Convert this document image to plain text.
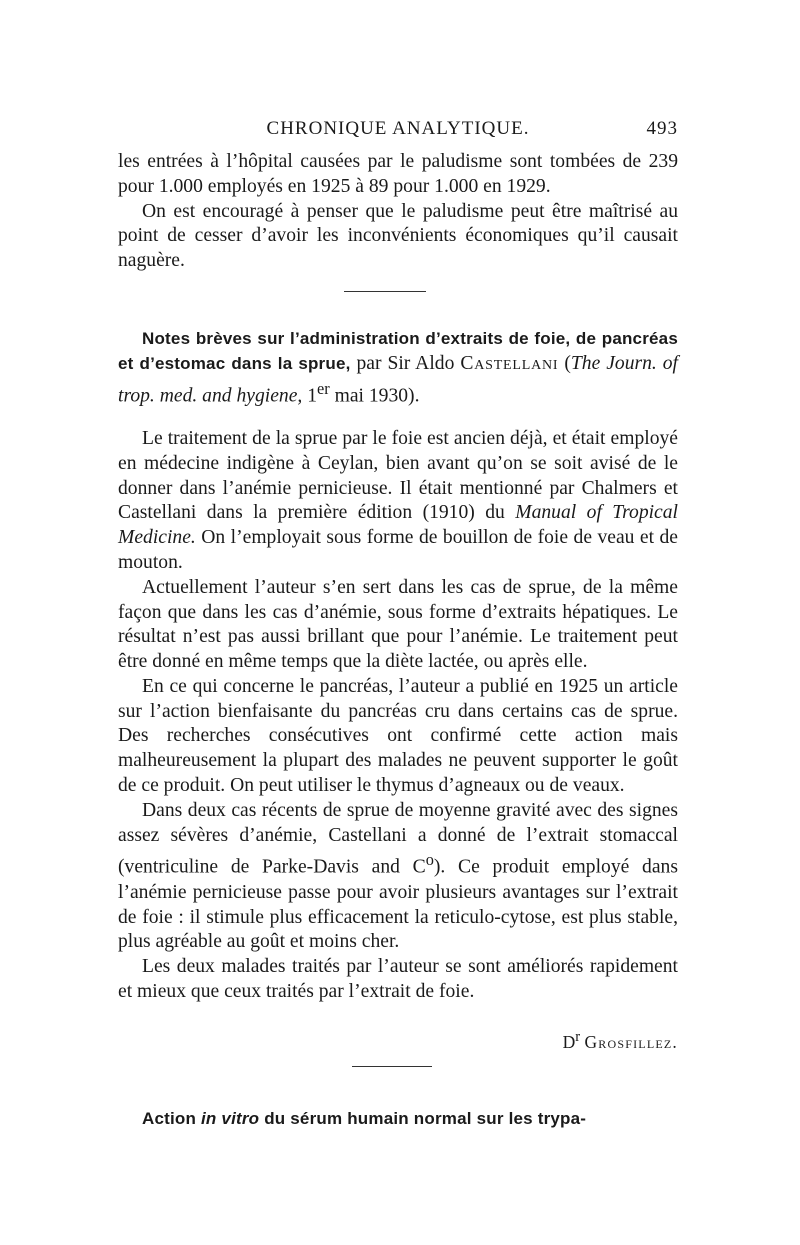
CHRONIQUE ANALYTIQUE.	493

les entrées à l’hôpital causées par le paludisme sont tombées de 239 pour 1.000 employés en 1925 à 89 pour 1.000 en 1929.

On est encouragé à penser que le paludisme peut être maîtrisé au point de cesser d’avoir les inconvénients économiques qu’il causait naguère.

Notes brèves sur l’administration d’extraits de foie, de pancréas et d’estomac dans la sprue, par Sir Aldo Castellani (The Journ. of trop. med. and hygiene, 1er mai 1930).

Le traitement de la sprue par le foie est ancien déjà, et était employé en médecine indigène à Ceylan, bien avant qu’on se soit avisé de le donner dans l’anémie pernicieuse. Il était mentionné par Chalmers et Castellani dans la première édition (1910) du Manual of Tropical Medicine. On l’employait sous forme de bouillon de foie de veau et de mouton.

Actuellement l’auteur s’en sert dans les cas de sprue, de la même façon que dans les cas d’anémie, sous forme d’extraits hépatiques. Le résultat n’est pas aussi brillant que pour l’anémie. Le traitement peut être donné en même temps que la diète lactée, ou après elle.

En ce qui concerne le pancréas, l’auteur a publié en 1925 un article sur l’action bienfaisante du pancréas cru dans certains cas de sprue. Des recherches consécutives ont confirmé cette action mais malheureusement la plupart des malades ne peuvent supporter le goût de ce produit. On peut utiliser le thymus d’agneaux ou de veaux.

Dans deux cas récents de sprue de moyenne gravité avec des signes assez sévères d’anémie, Castellani a donné de l’extrait stomaccal (ventriculine de Parke-Davis and $C^o$). Ce produit employé dans l’anémie pernicieuse passe pour avoir plusieurs avantages sur l’extrait de foie : il stimule plus efficacement la reticulo-cytose, est plus stable, plus agréable au goût et moins cher.

Les deux malades traités par l’auteur se sont améliorés rapidement et mieux que ceux traités par l’extrait de foie.

$D^r$ Grosfillez.

Action in vitro du sérum humain normal sur les trypa-
